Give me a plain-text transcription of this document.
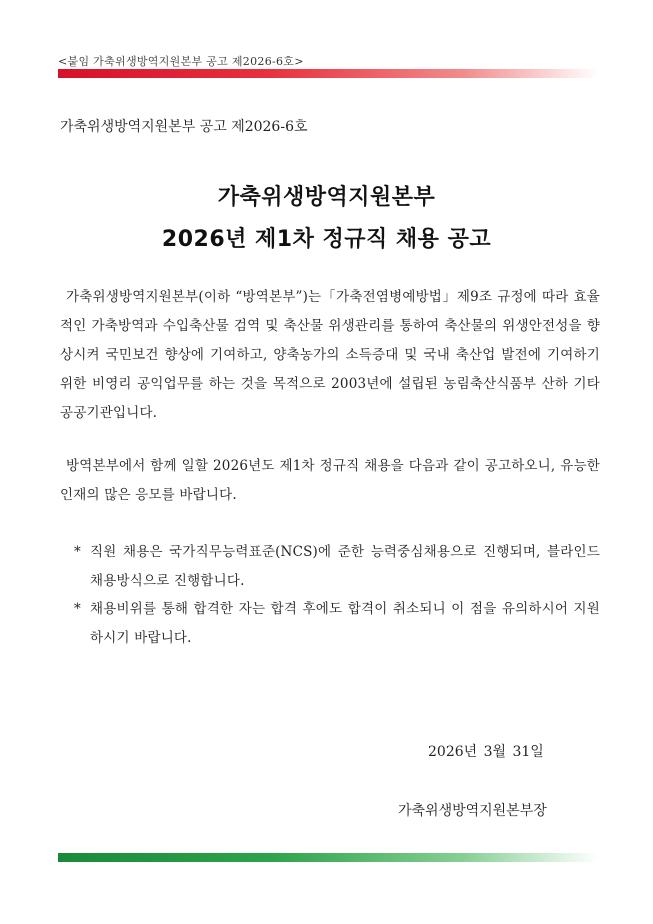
<붙임 가축위생방역지원본부 공고 제2026-6호>
가축위생방역지원본부 공고 제2026-6호
가축위생방역지원본부
2026년 제1차 정규직 채용 공고
가축위생방역지원본부(이하 “방역본부”)는「가축전염병예방법」제9조 규정에 따라 효율적인 가축방역과 수입축산물 검역 및 축산물 위생관리를 통하여 축산물의 위생안전성을 향상시켜 국민보건 향상에 기여하고, 양축농가의 소득증대 및 국내 축산업 발전에 기여하기 위한 비영리 공익업무를 하는 것을 목적으로 2003년에 설립된 농림축산식품부 산하 기타공공기관입니다.
방역본부에서 함께 일할 2026년도 제1차 정규직 채용을 다음과 같이 공고하오니, 유능한 인재의 많은 응모를 바랍니다.
* 직원 채용은 국가직무능력표준(NCS)에 준한 능력중심채용으로 진행되며, 블라인드 채용방식으로 진행합니다.
* 채용비위를 통해 합격한 자는 합격 후에도 합격이 취소되니 이 점을 유의하시어 지원하시기 바랍니다.
2026년 3월 31일
가축위생방역지원본부장
